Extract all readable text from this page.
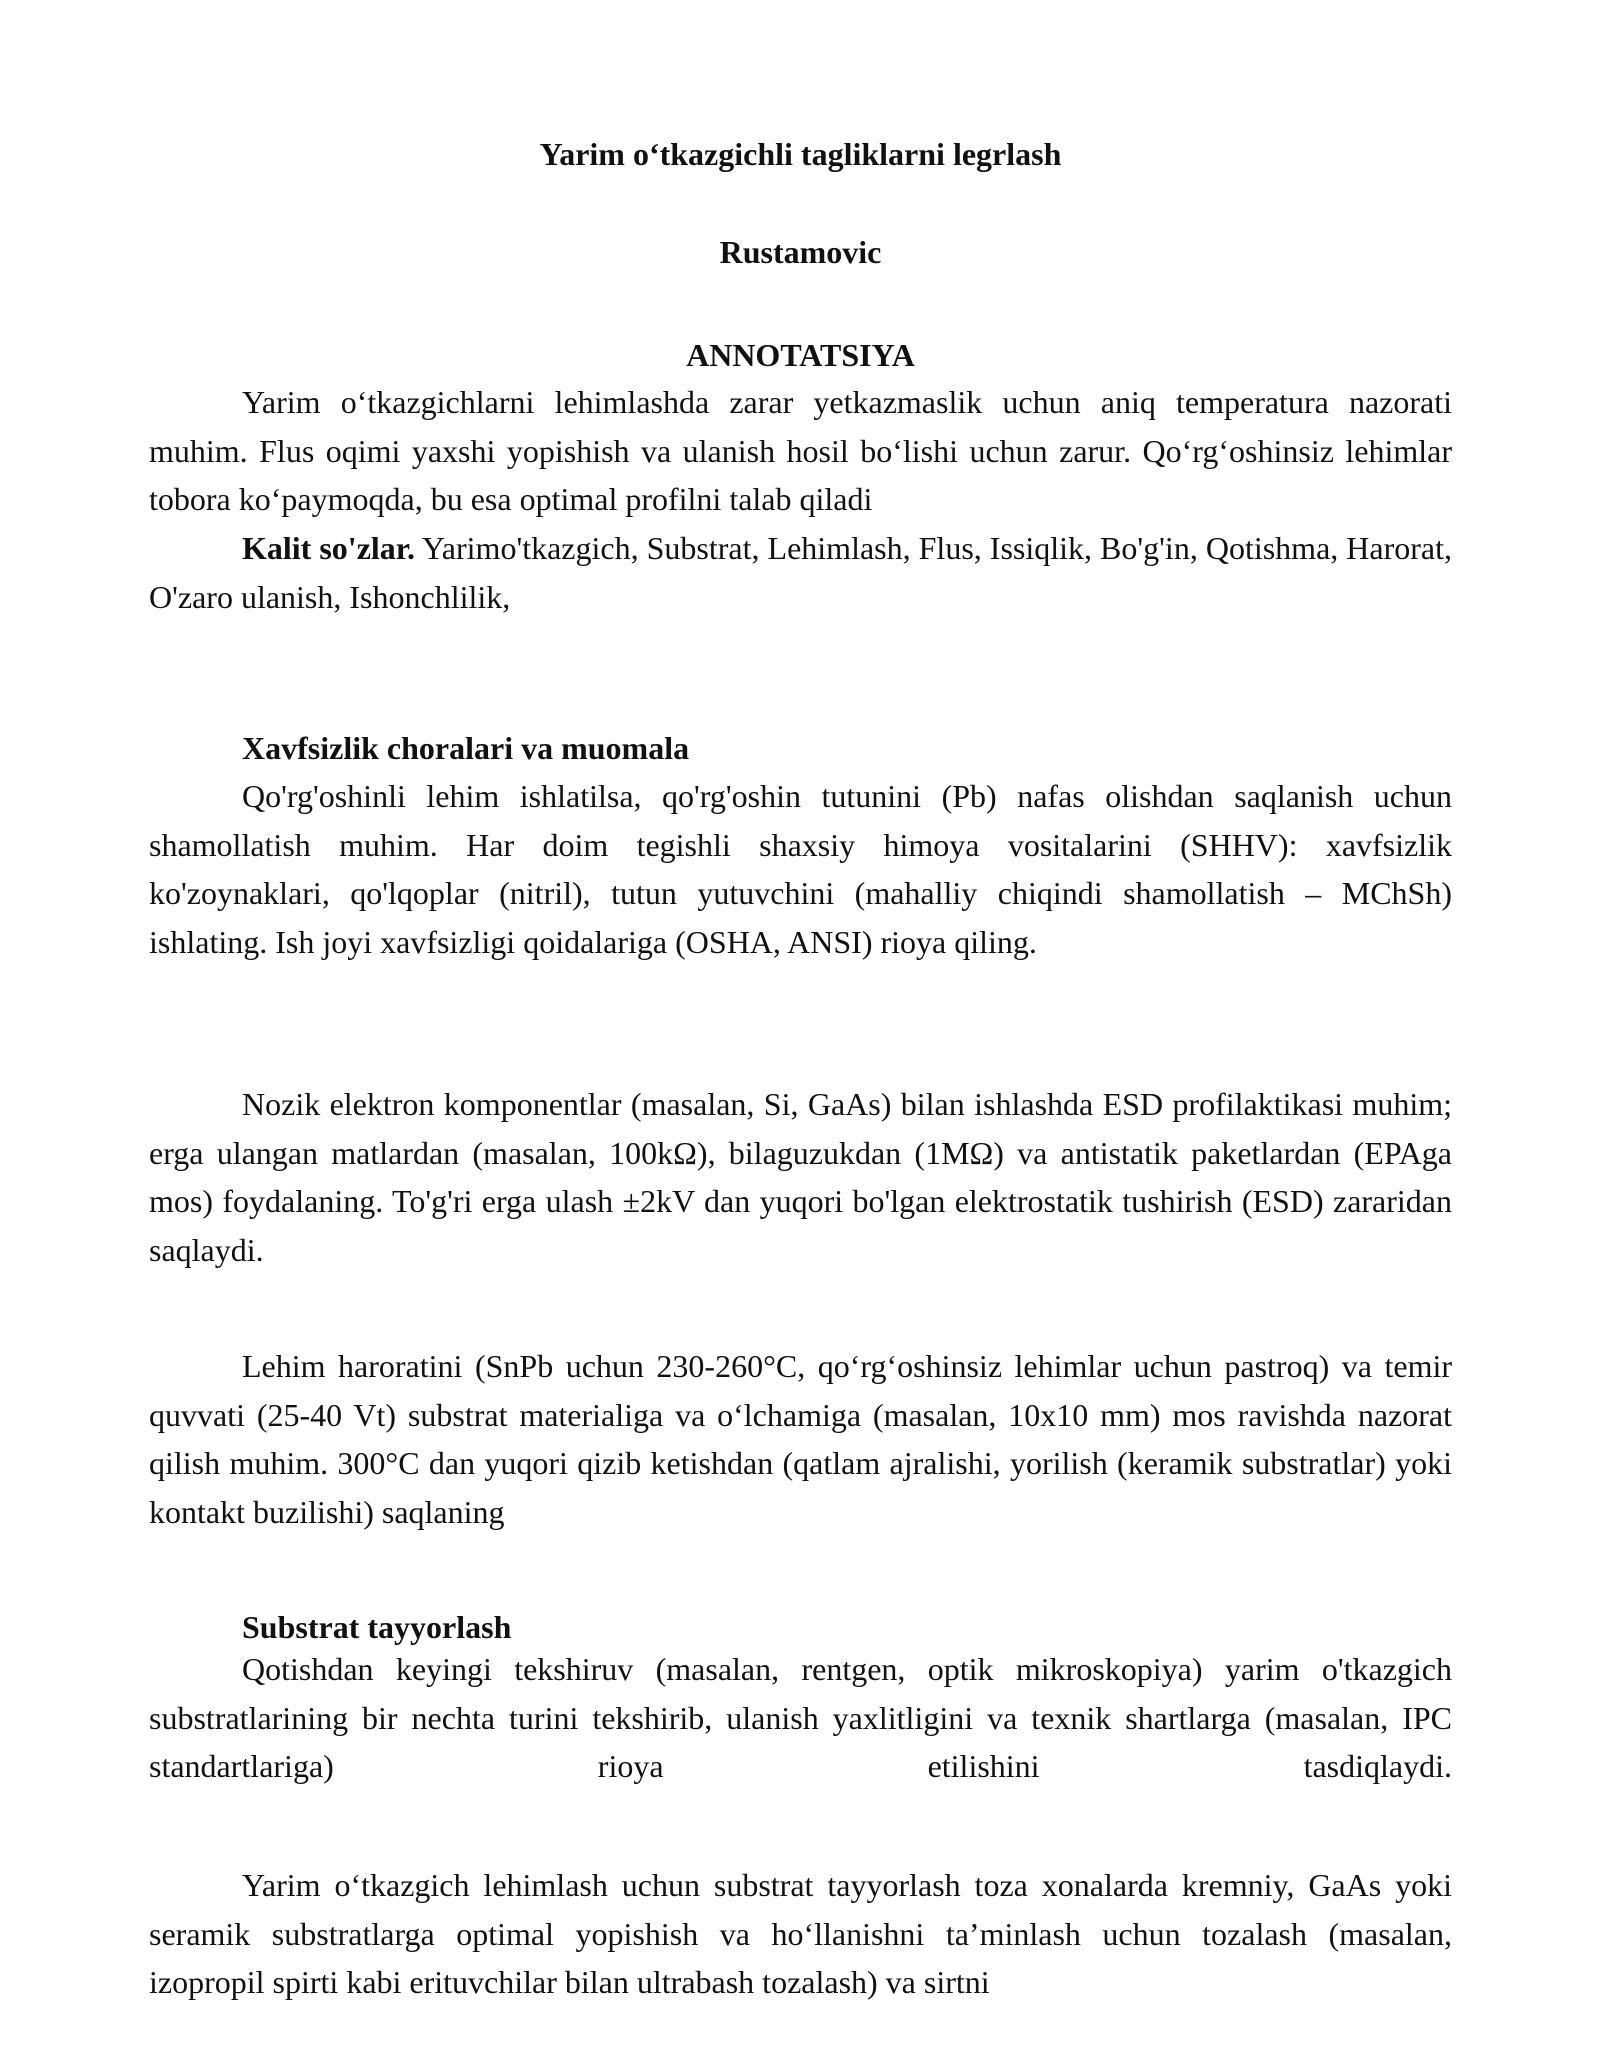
Yarim o‘tkazgichli tagliklarni legrlash

Rustamovic

ANNOTATSIYA

Yarim o‘tkazgichlarni lehimlashda zarar yetkazmaslik uchun aniq temperatura nazorati muhim. Flus oqimi yaxshi yopishish va ulanish hosil bo‘lishi uchun zarur. Qo‘rg‘oshinsiz lehimlar tobora ko‘paymoqda, bu esa optimal profilni talab qiladi

Kalit so'zlar. Yarimo'tkazgich, Substrat, Lehimlash, Flus, Issiqlik, Bo'g'in, Qotishma, Harorat, O'zaro ulanish, Ishonchlilik,

Xavfsizlik choralari va muomala

Qo'rg'oshinli lehim ishlatilsa, qo'rg'oshin tutunini (Pb) nafas olishdan saqlanish uchun shamollatish muhim. Har doim tegishli shaxsiy himoya vositalarini (SHHV): xavfsizlik ko'zoynaklari, qo'lqoplar (nitril), tutun yutuvchini (mahalliy chiqindi shamollatish – MChSh) ishlating. Ish joyi xavfsizligi qoidalariga (OSHA, ANSI) rioya qiling.

Nozik elektron komponentlar (masalan, Si, GaAs) bilan ishlashda ESD profilaktikasi muhim; erga ulangan matlardan (masalan, 100kΩ), bilaguzukdan (1MΩ) va antistatik paketlardan (EPAga mos) foydalaning. To'g'ri erga ulash ±2kV dan yuqori bo'lgan elektrostatik tushirish (ESD) zararidan saqlaydi.

Lehim haroratini (SnPb uchun 230-260°C, qo‘rg‘oshinsiz lehimlar uchun pastroq) va temir quvvati (25-40 Vt) substrat materialiga va o‘lchamiga (masalan, 10x10 mm) mos ravishda nazorat qilish muhim. 300°C dan yuqori qizib ketishdan (qatlam ajralishi, yorilish (keramik substratlar) yoki kontakt buzilishi) saqlaning

Substrat tayyorlash

Qotishdan keyingi tekshiruv (masalan, rentgen, optik mikroskopiya) yarim o'tkazgich substratlarining bir nechta turini tekshirib, ulanish yaxlitligini va texnik shartlarga (masalan, IPC standartlariga) rioya etilishini tasdiqlaydi.

Yarim o‘tkazgich lehimlash uchun substrat tayyorlash toza xonalarda kremniy, GaAs yoki seramik substratlarga optimal yopishish va ho‘llanishni ta’minlash uchun tozalash (masalan, izopropil spirti kabi erituvchilar bilan ultrabash tozalash) va sirtni
